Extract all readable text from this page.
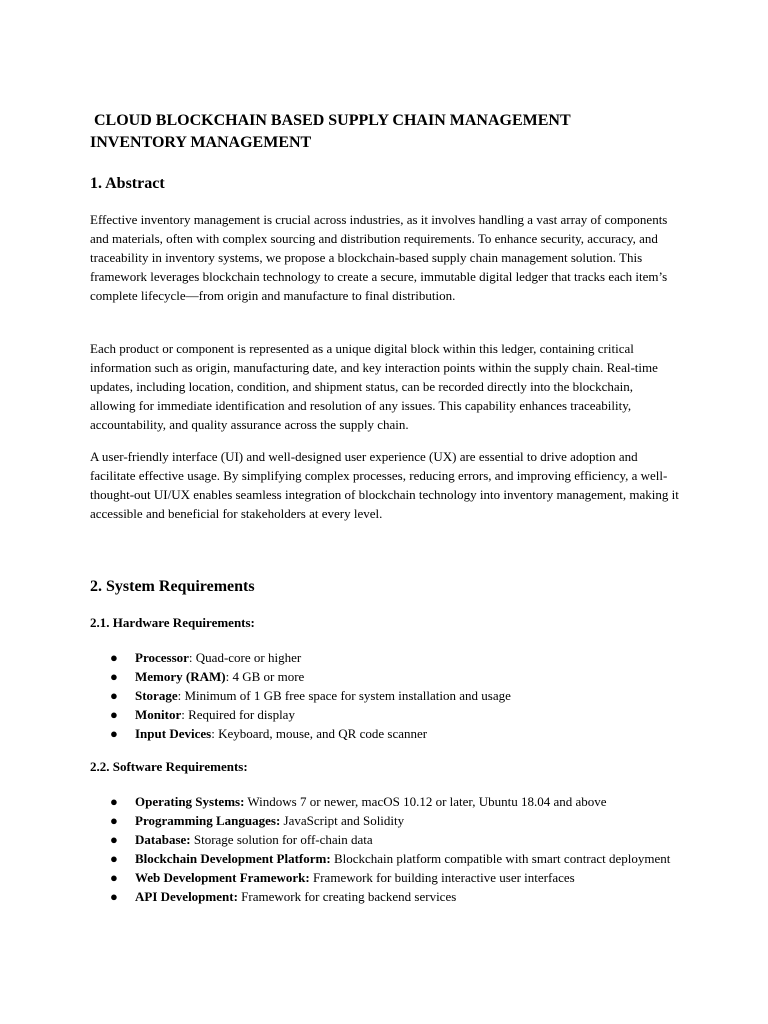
CLOUD BLOCKCHAIN BASED SUPPLY CHAIN MANAGEMENT
INVENTORY MANAGEMENT

1. Abstract

Effective inventory management is crucial across industries, as it involves handling a vast array of components and materials, often with complex sourcing and distribution requirements. To enhance security, accuracy, and traceability in inventory systems, we propose a blockchain-based supply chain management solution. This framework leverages blockchain technology to create a secure, immutable digital ledger that tracks each item’s complete lifecycle—from origin and manufacture to final distribution.

Each product or component is represented as a unique digital block within this ledger, containing critical information such as origin, manufacturing date, and key interaction points within the supply chain. Real-time updates, including location, condition, and shipment status, can be recorded directly into the blockchain, allowing for immediate identification and resolution of any issues. This capability enhances traceability, accountability, and quality assurance across the supply chain.

A user-friendly interface (UI) and well-designed user experience (UX) are essential to drive adoption and facilitate effective usage. By simplifying complex processes, reducing errors, and improving efficiency, a well-thought-out UI/UX enables seamless integration of blockchain technology into inventory management, making it accessible and beneficial for stakeholders at every level.

2. System Requirements
2.1. Hardware Requirements:
● Processor: Quad-core or higher
● Memory (RAM): 4 GB or more
● Storage: Minimum of 1 GB free space for system installation and usage
● Monitor: Required for display
● Input Devices: Keyboard, mouse, and QR code scanner
2.2. Software Requirements:
● Operating Systems: Windows 7 or newer, macOS 10.12 or later, Ubuntu 18.04 and above
● Programming Languages: JavaScript and Solidity
● Database: Storage solution for off-chain data
● Blockchain Development Platform: Blockchain platform compatible with smart contract deployment
● Web Development Framework: Framework for building interactive user interfaces
● API Development: Framework for creating backend services
